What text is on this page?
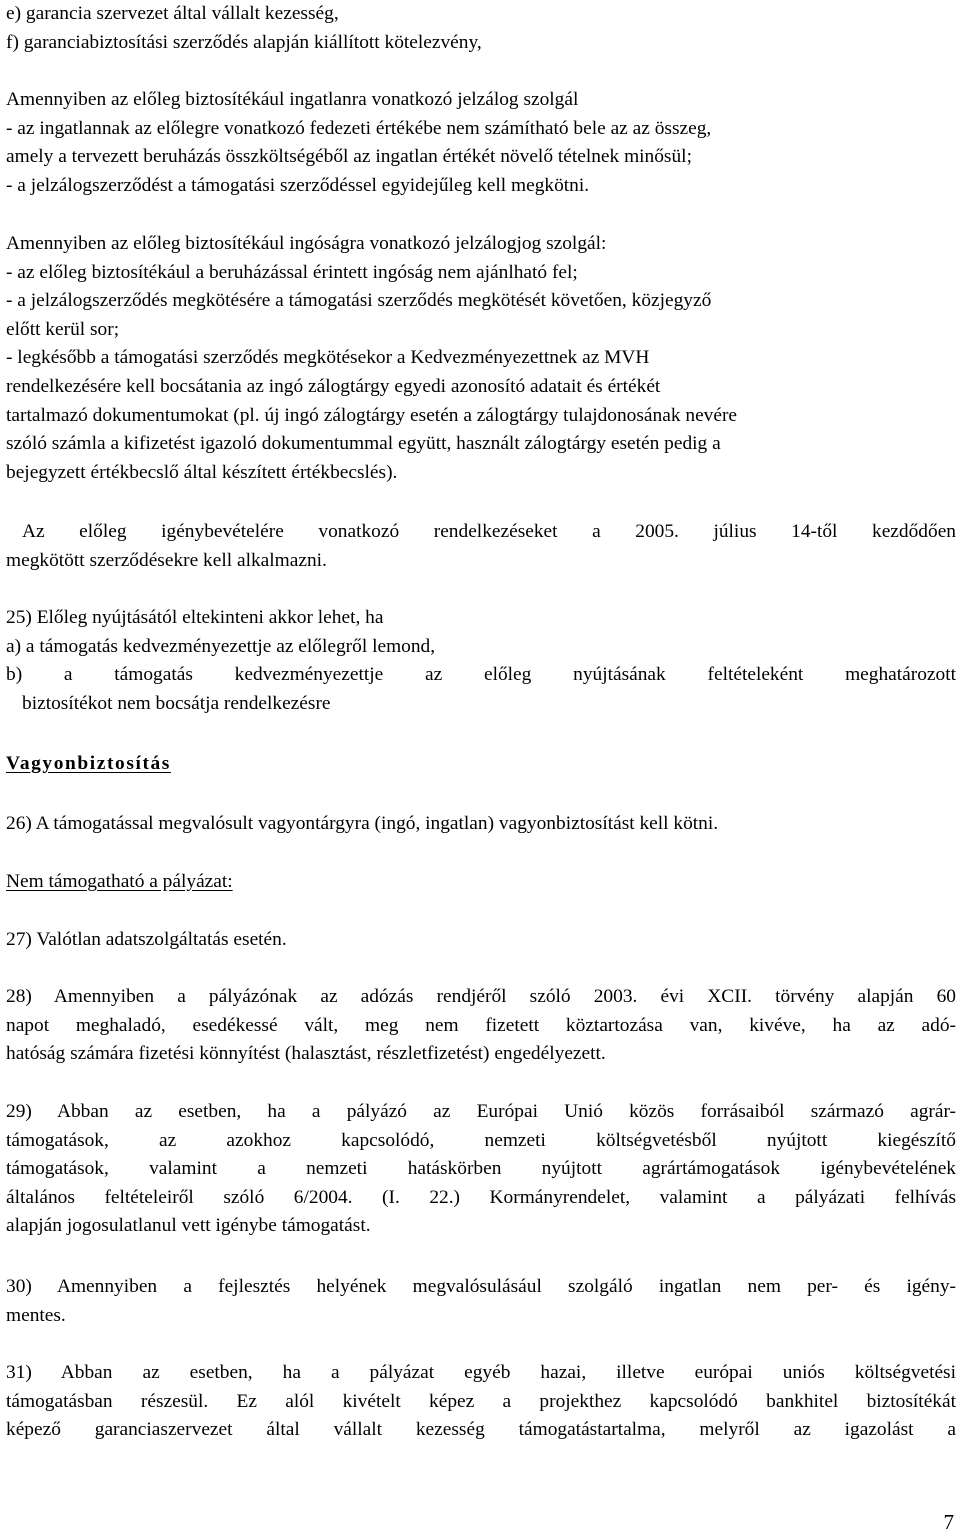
e) garancia szervezet által vállalt kezesség,
f) garanciabiztosítási szerződés alapján kiállított kötelezvény,
Amennyiben az előleg biztosítékául ingatlanra vonatkozó jelzálog szolgál
- az ingatlannak az előlegre vonatkozó fedezeti értékébe nem számítható bele az az összeg,
amely a tervezett beruházás összköltségéből az ingatlan értékét növelő tételnek minősül;
- a jelzálogszerződést a támogatási szerződéssel egyidejűleg kell megkötni.
Amennyiben az előleg biztosítékául ingóságra vonatkozó jelzálogjog szolgál:
- az előleg biztosítékául a beruházással érintett ingóság nem ajánlható fel;
- a jelzálogszerződés megkötésére a támogatási szerződés megkötését követően, közjegyző
előtt kerül sor;
- legkésőbb a támogatási szerződés megkötésekor a Kedvezményezettnek az MVH
rendelkezésére kell bocsátania az ingó zálogtárgy egyedi azonosító adatait és értékét
tartalmazó dokumentumokat (pl. új ingó zálogtárgy esetén a zálogtárgy tulajdonosának nevére
szóló számla a kifizetést igazoló dokumentummal együtt, használt zálogtárgy esetén pedig a
bejegyzett értékbecslő által készített értékbecslés).
Az előleg igénybevételére vonatkozó rendelkezéseket a 2005. július 14-től kezdődően
megkötött szerződésekre kell alkalmazni.
25) Előleg nyújtásától eltekinteni akkor lehet, ha
a) a támogatás kedvezményezettje az előlegről lemond,
b) a támogatás kedvezményezettje az előleg nyújtásának feltételeként meghatározott
biztosítékot nem bocsátja rendelkezésre
Vagyonbiztosítás
26) A támogatással megvalósult vagyontárgyra (ingó, ingatlan) vagyonbiztosítást kell kötni.
Nem támogatható a pályázat:
27) Valótlan adatszolgáltatás esetén.
28) Amennyiben a pályázónak az adózás rendjéről szóló 2003. évi XCII. törvény alapján 60
napot meghaladó, esedékessé vált, meg nem fizetett köztartozása van, kivéve, ha az adó-
hatóság számára fizetési könnyítést (halasztást, részletfizetést) engedélyezett.
29) Abban az esetben, ha a pályázó az Európai Unió közös forrásaiból származó agrár-
támogatások, az azokhoz kapcsolódó, nemzeti költségvetésből nyújtott kiegészítő
támogatások, valamint a nemzeti hatáskörben nyújtott agrártámogatások igénybevételének
általános feltételeiről szóló 6/2004. (I. 22.) Kormányrendelet, valamint a pályázati felhívás
alapján jogosulatlanul vett igénybe támogatást.
30) Amennyiben a fejlesztés helyének megvalósulásául szolgáló ingatlan nem per- és igény-
mentes.
31) Abban az esetben, ha a pályázat egyéb hazai, illetve európai uniós költségvetési
támogatásban részesül. Ez alól kivételt képez a projekthez kapcsolódó bankhitel biztosítékát
képező garanciaszervezet által vállalt kezesség támogatástartalma, melyről az igazolást a
7
